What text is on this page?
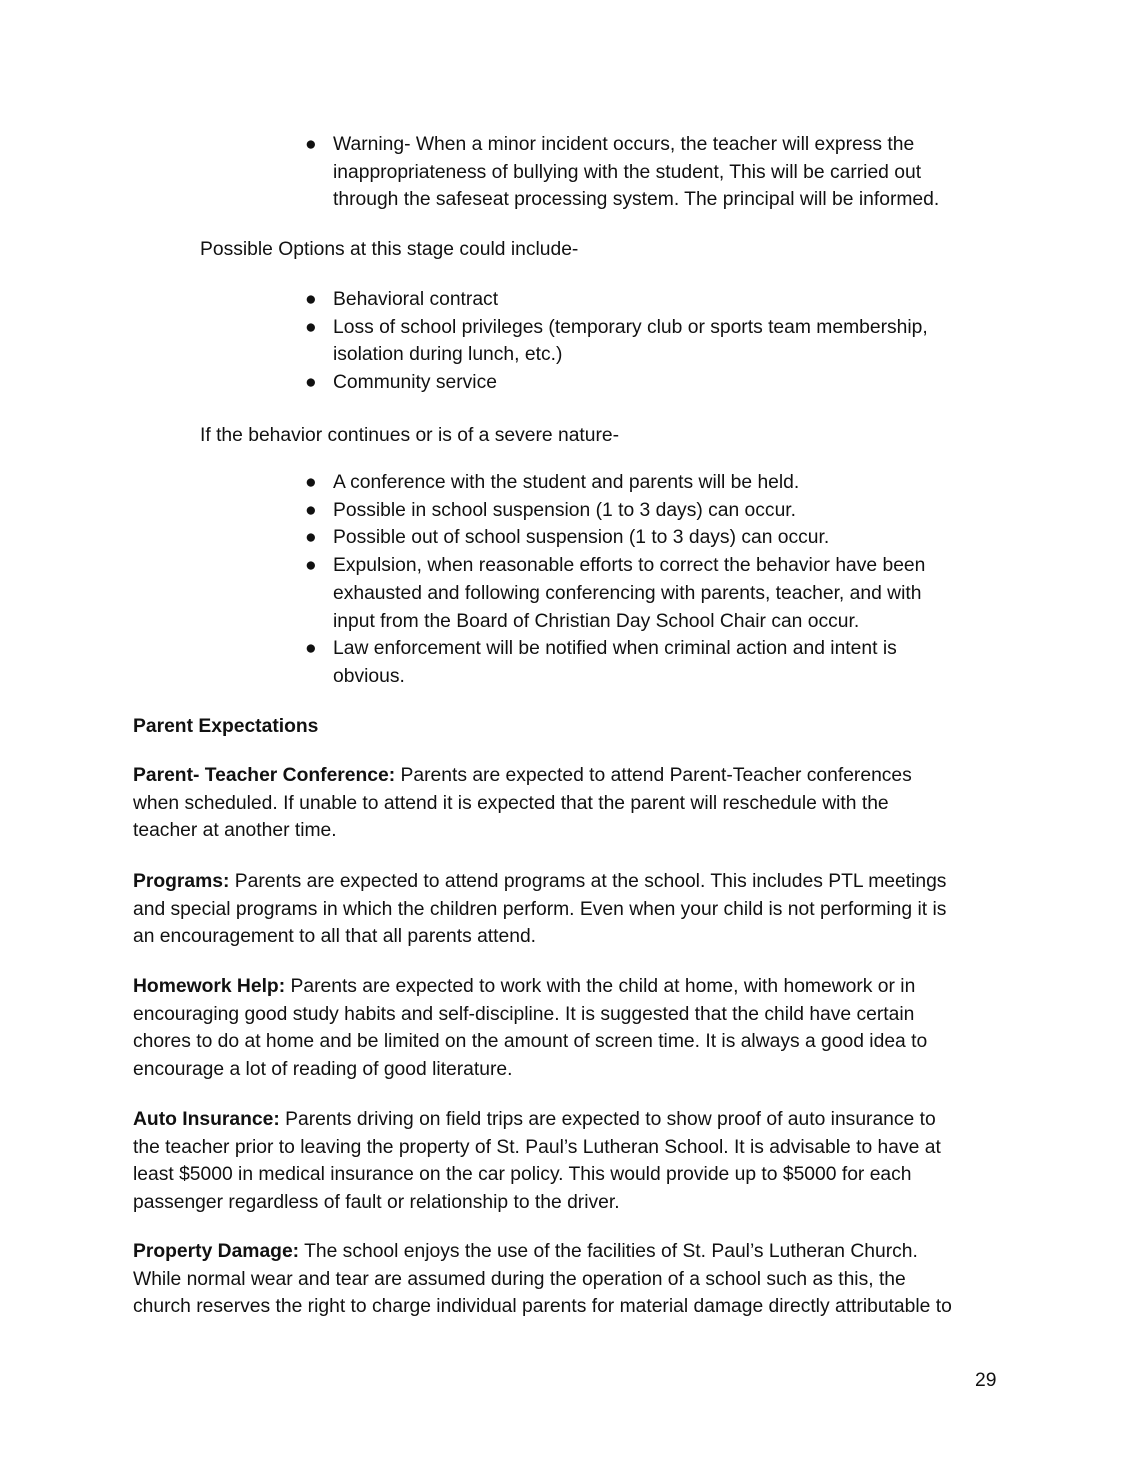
● Warning- When a minor incident occurs, the teacher will express the
inappropriateness of bullying with the student, This will be carried out
through the safeseat processing system. The principal will be informed.
Possible Options at this stage could include-
● Behavioral contract
● Loss of school privileges (temporary club or sports team membership,
isolation during lunch, etc.)
● Community service
If the behavior continues or is of a severe nature-
● A conference with the student and parents will be held.
● Possible in school suspension (1 to 3 days) can occur.
● Possible out of school suspension (1 to 3 days) can occur.
● Expulsion, when reasonable efforts to correct the behavior have been
exhausted and following conferencing with parents, teacher, and with
input from the Board of Christian Day School Chair can occur.
● Law enforcement will be notified when criminal action and intent is
obvious.
Parent Expectations
Parent- Teacher Conference: Parents are expected to attend Parent-Teacher conferences
when scheduled. If unable to attend it is expected that the parent will reschedule with the
teacher at another time.
Programs: Parents are expected to attend programs at the school. This includes PTL meetings
and special programs in which the children perform. Even when your child is not performing it is
an encouragement to all that all parents attend.
Homework Help: Parents are expected to work with the child at home, with homework or in
encouraging good study habits and self-discipline. It is suggested that the child have certain
chores to do at home and be limited on the amount of screen time. It is always a good idea to
encourage a lot of reading of good literature.
Auto Insurance: Parents driving on field trips are expected to show proof of auto insurance to
the teacher prior to leaving the property of St. Paul’s Lutheran School. It is advisable to have at
least $5000 in medical insurance on the car policy. This would provide up to $5000 for each
passenger regardless of fault or relationship to the driver.
Property Damage: The school enjoys the use of the facilities of St. Paul’s Lutheran Church.
While normal wear and tear are assumed during the operation of a school such as this, the
church reserves the right to charge individual parents for material damage directly attributable to
29
